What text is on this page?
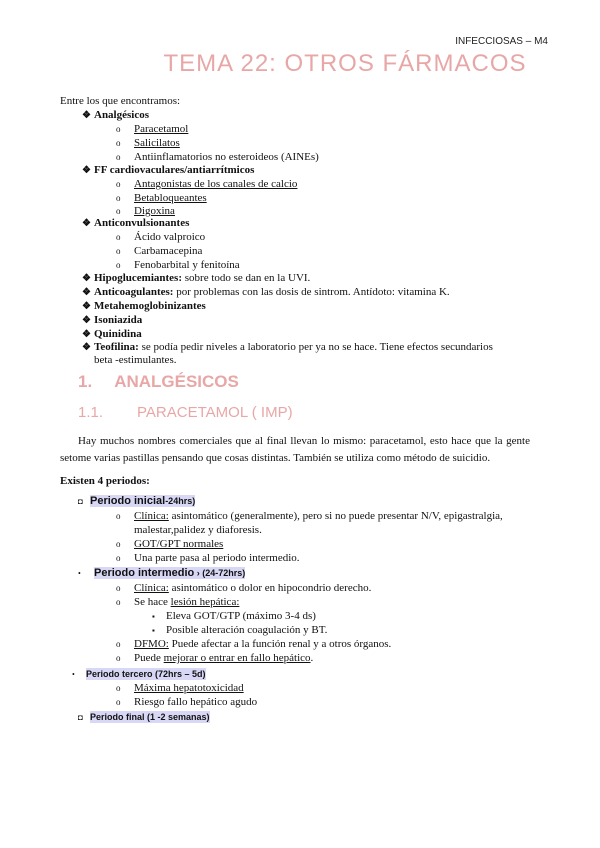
INFECCIOSAS – M4
TEMA 22: OTROS FÁRMACOS
Entre los que encontramos:
❖ Analgésicos
o Paracetamol
o Salicilatos
o Antiinflamatorios no esteroideos (AINEs)
❖ FF cardiovaculares/antiarrítmicos
o Antagonistas de los canales de calcio
o Betabloqueantes
o Digoxina
❖ Anticonvulsionantes
o Ácido valproico
o Carbamacepina
o Fenobarbital y fenitoína
❖ Hipoglucemiantes: sobre todo se dan en la UVI.
❖ Anticoagulantes: por problemas con las dosis de sintrom. Antídoto: vitamina K.
❖ Metahemoglobinizantes
❖ Isoniazida
❖ Quinidina
❖ Teofilina: se podía pedir niveles a laboratorio per ya no se hace. Tiene efectos secundarios
beta -estimulantes.
1. ANALGÉSICOS
1.1. PARACETAMOL ( IMP)
Hay muchos nombres comerciales que al final llevan lo mismo: paracetamol, esto hace que la gente setome varias pastillas pensando que cosas distintas. También se utiliza como método de suicidio.
Existen 4 periodos:
◘ Periodo inicial-24hrs)
o Clínica: asintomático (generalmente), pero si no puede presentar N/V, epigastralgia,
malestar,palidez y diaforesis.
o GOT/GPT normales
o Una parte pasa al periodo intermedio.
• Periodo intermedio › (24-72hrs)
o Clínica: asintomático o dolor en hipocondrio derecho.
o Se hace lesión hepática:
▪ Eleva GOT/GTP (máximo 3-4 ds)
▪ Posible alteración coagulación y BT.
o DFMO: Puede afectar a la función renal y a otros órganos.
o Puede mejorar o entrar en fallo hepático.
• Periodo tercero (72hrs – 5d)
o Máxima hepatotoxicidad
o Riesgo fallo hepático agudo
◘ Periodo final (1 -2 semanas)
